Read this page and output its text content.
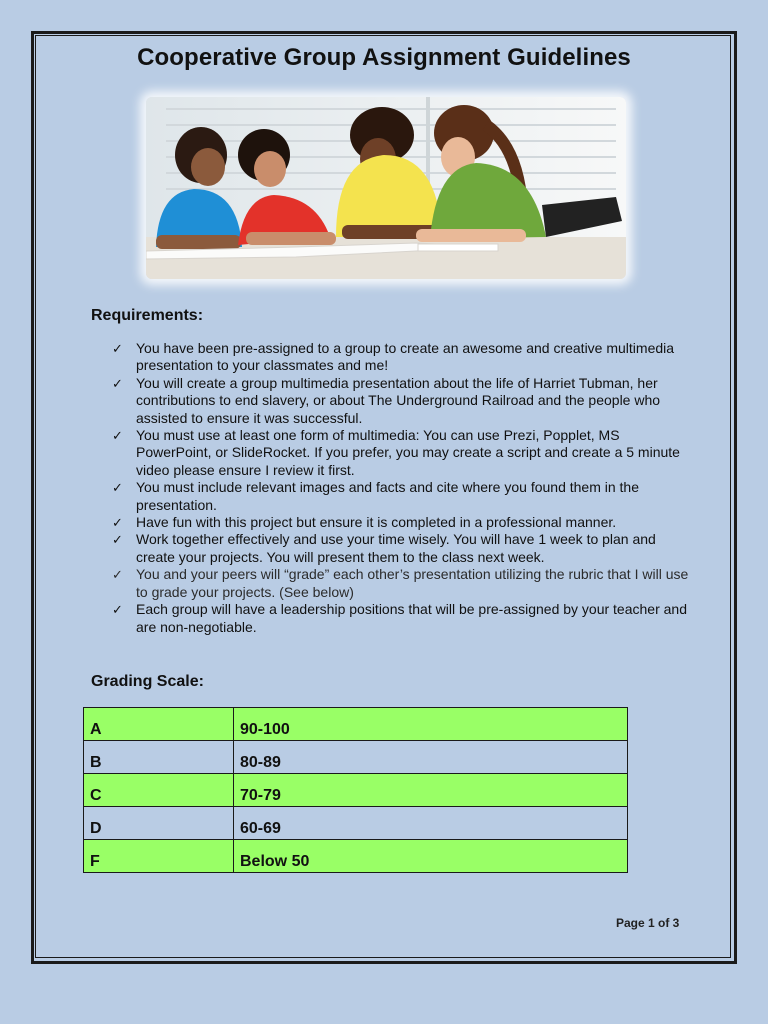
Cooperative Group Assignment Guidelines
Requirements:
✓ You have been pre-assigned to a group to create an awesome and creative multimedia presentation to your classmates and me!
✓ You will create a group multimedia presentation about the life of Harriet Tubman, her contributions to end slavery, or about The Underground Railroad and the people who assisted to ensure it was successful.
✓ You must use at least one form of multimedia: You can use Prezi, Popplet, MS PowerPoint, or SlideRocket. If you prefer, you may create a script and create a 5 minute video please ensure I review it first.
✓ You must include relevant images and facts and cite where you found them in the presentation.
✓ Have fun with this project but ensure it is completed in a professional manner.
✓ Work together effectively and use your time wisely. You will have 1 week to plan and create your projects. You will present them to the class next week.
✓ You and your peers will “grade” each other’s presentation utilizing the rubric that I will use to grade your projects. (See below)
✓ Each group will have a leadership positions that will be pre-assigned by your teacher and are non-negotiable.
Grading Scale:
A	90-100
B	80-89
C	70-79
D	60-69
F	Below 50
Page 1 of 3
